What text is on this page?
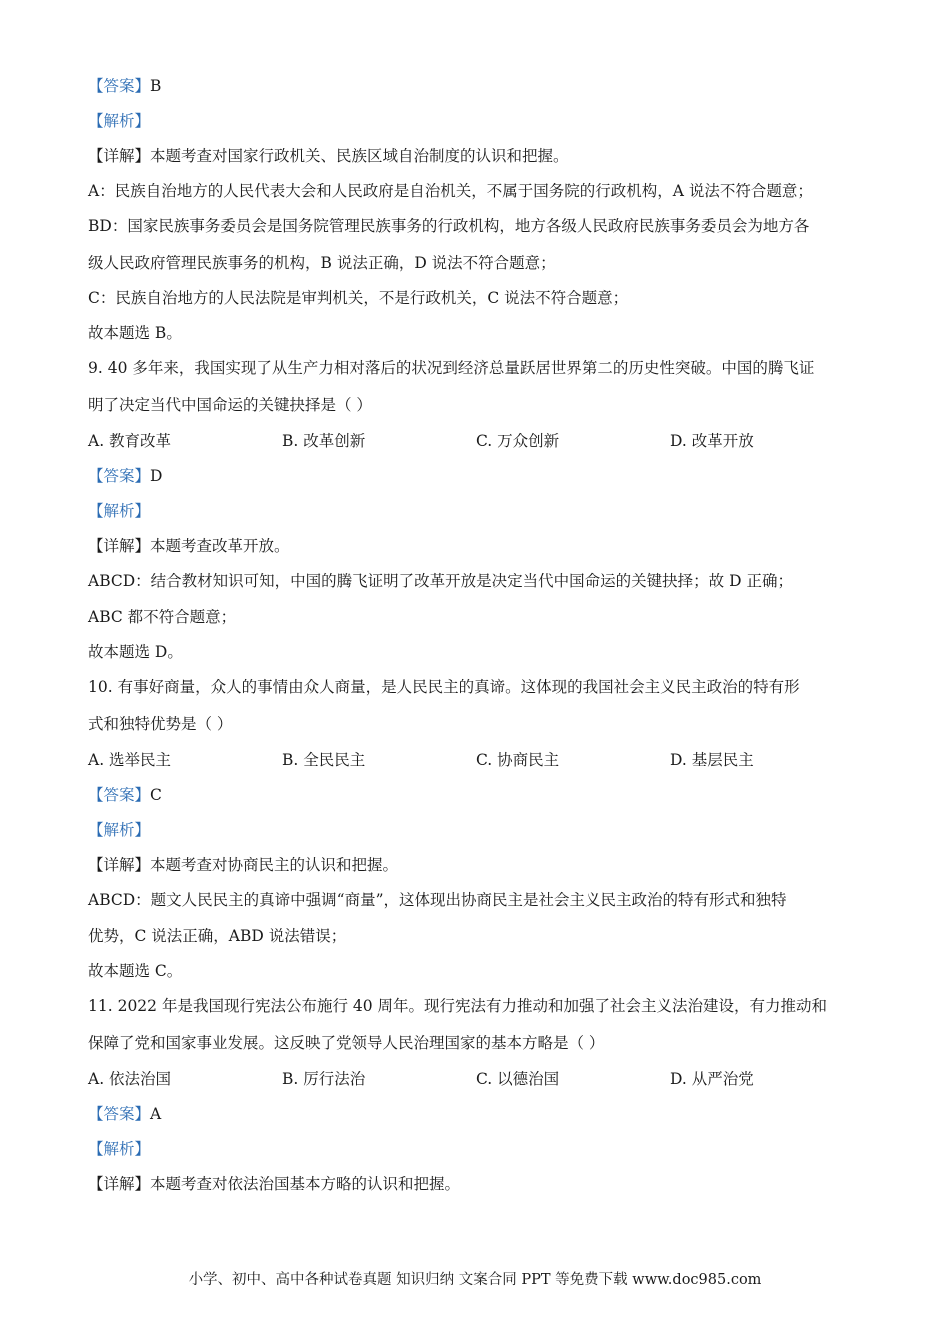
【答案】B
【解析】
【详解】本题考查对国家行政机关、民族区域自治制度的认识和把握。
A：民族自治地方的人民代表大会和人民政府是自治机关，不属于国务院的行政机构，A 说法不符合题意；
BD：国家民族事务委员会是国务院管理民族事务的行政机构，地方各级人民政府民族事务委员会为地方各
级人民政府管理民族事务的机构，B 说法正确，D 说法不符合题意；
C：民族自治地方的人民法院是审判机关，不是行政机关，C 说法不符合题意；
故本题选 B。
9. 40 多年来，我国实现了从生产力相对落后的状况到经济总量跃居世界第二的历史性突破。中国的腾飞证
明了决定当代中国命运的关键抉择是（ ）
A. 教育改革	B. 改革创新	C. 万众创新	D. 改革开放
【答案】D
【解析】
【详解】本题考查改革开放。
ABCD：结合教材知识可知，中国的腾飞证明了改革开放是决定当代中国命运的关键抉择；故 D 正确；
ABC 都不符合题意；
故本题选 D。
10. 有事好商量，众人的事情由众人商量，是人民民主的真谛。这体现的我国社会主义民主政治的特有形
式和独特优势是（ ）
A. 选举民主	B. 全民民主	C. 协商民主	D. 基层民主
【答案】C
【解析】
【详解】本题考查对协商民主的认识和把握。
ABCD：题文人民民主的真谛中强调“商量”，这体现出协商民主是社会主义民主政治的特有形式和独特
优势，C 说法正确，ABD 说法错误；
故本题选 C。
11. 2022 年是我国现行宪法公布施行 40 周年。现行宪法有力推动和加强了社会主义法治建设，有力推动和
保障了党和国家事业发展。这反映了党领导人民治理国家的基本方略是（ ）
A. 依法治国	B. 厉行法治	C. 以德治国	D. 从严治党
【答案】A
【解析】
【详解】本题考查对依法治国基本方略的认识和把握。
小学、初中、高中各种试卷真题 知识归纳 文案合同 PPT 等免费下载 www.doc985.com
